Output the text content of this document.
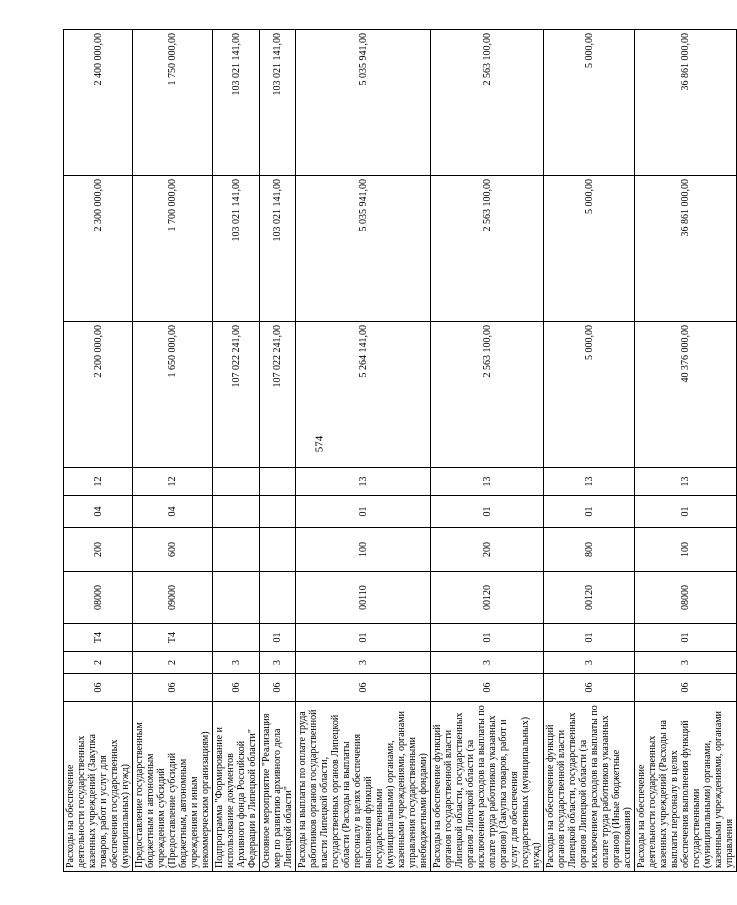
574
Расходы на обеспечение деятельности государственных казенных учреждений (Закупка товаров, работ и услуг для обеспечения государственных (муниципальных) нужд)	06	2	Т4	08000	200	04	12	2 200 000,00	2 300 000,00	2 400 000,00
Предоставление государственным бюджетным и автономным учреждениям субсидий (Предоставление субсидий бюджетным, автономным учреждениям и иным некоммерческим организациям)	06	2	Т4	09000	600	04	12	1 650 000,00	1 700 000,00	1 750 000,00
Подпрограмма "Формирование и использование документов Архивного фонда Российской Федерации в Липецкой области"	06	3						107 022 241,00	103 021 141,00	103 021 141,00
Основное мероприятие "Реализация мер по развитию архивного дела Липецкой области"	06	3	01					107 022 241,00	103 021 141,00	103 021 141,00
Расходы на выплаты по оплате труда работников органов государственной власти Липецкой области, государственных органов Липецкой области (Расходы на выплаты персоналу в целях обеспечения выполнения функций государственными (муниципальными) органами, казенными учреждениями, органами управления государственными внебюджетными фондами)	06	3	01	00110	100	01	13	5 264 141,00	5 035 941,00	5 035 941,00
Расходы на обеспечение функций органов государственной власти Липецкой области, государственных органов Липецкой области (за исключением расходов на выплаты по оплате труда работников указанных органов) (Закупка товаров, работ и услуг для обеспечения государственных (муниципальных) нужд)	06	3	01	00120	200	01	13	2 563 100,00	2 563 100,00	2 563 100,00
Расходы на обеспечение функций органов государственной власти Липецкой области, государственных органов Липецкой области (за исключением расходов на выплаты по оплате труда работников указанных органов) (Иные бюджетные ассигнования)	06	3	01	00120	800	01	13	5 000,00	5 000,00	5 000,00
Расходы на обеспечение деятельности государственных казенных учреждений (Расходы на выплаты персоналу в целях обеспечения выполнения функций государственными (муниципальными) органами, казенными учреждениями, органами управления	06	3	01	08000	100	01	13	40 376 000,00	36 861 000,00	36 861 000,00
